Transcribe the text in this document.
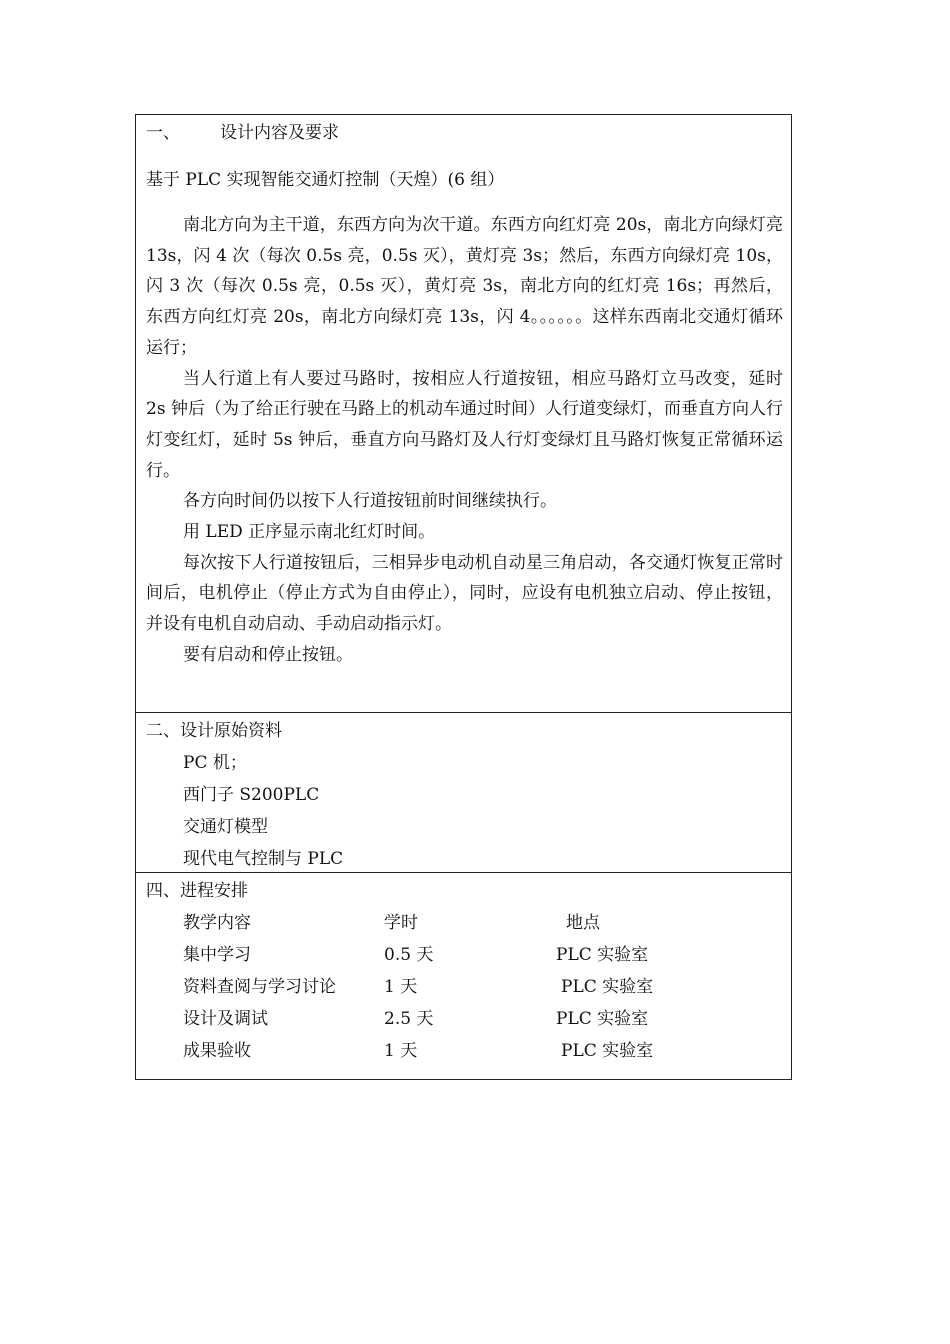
一、 设计内容及要求
基于 PLC 实现智能交通灯控制（天煌）(6 组）

南北方向为主干道，东西方向为次干道。东西方向红灯亮 20s，南北方向绿灯亮 13s，闪 4 次（每次 0.5s 亮，0.5s 灭），黄灯亮 3s；然后，东西方向绿灯亮 10s，闪 3 次（每次 0.5s 亮，0.5s 灭），黄灯亮 3s，南北方向的红灯亮 16s；再然后，东西方向红灯亮 20s，南北方向绿灯亮 13s，闪 4。。。。。。这样东西南北交通灯循环运行；

当人行道上有人要过马路时，按相应人行道按钮，相应马路灯立马改变，延时 2s 钟后（为了给正行驶在马路上的机动车通过时间）人行道变绿灯，而垂直方向人行灯变红灯，延时 5s 钟后，垂直方向马路灯及人行灯变绿灯且马路灯恢复正常循环运行。

各方向时间仍以按下人行道按钮前时间继续执行。

用 LED 正序显示南北红灯时间。

每次按下人行道按钮后，三相异步电动机自动星三角启动，各交通灯恢复正常时间后，电机停止（停止方式为自由停止），同时，应设有电机独立启动、停止按钮，并设有电机自动启动、手动启动指示灯。

要有启动和停止按钮。

二、设计原始资料
PC 机；
西门子 S200PLC
交通灯模型
现代电气控制与 PLC
四、进程安排
教学内容	学时	地点
集中学习	0.5 天	PLC 实验室
资料查阅与学习讨论	1 天	PLC 实验室
设计及调试	2.5 天	PLC 实验室
成果验收	1 天	PLC 实验室
